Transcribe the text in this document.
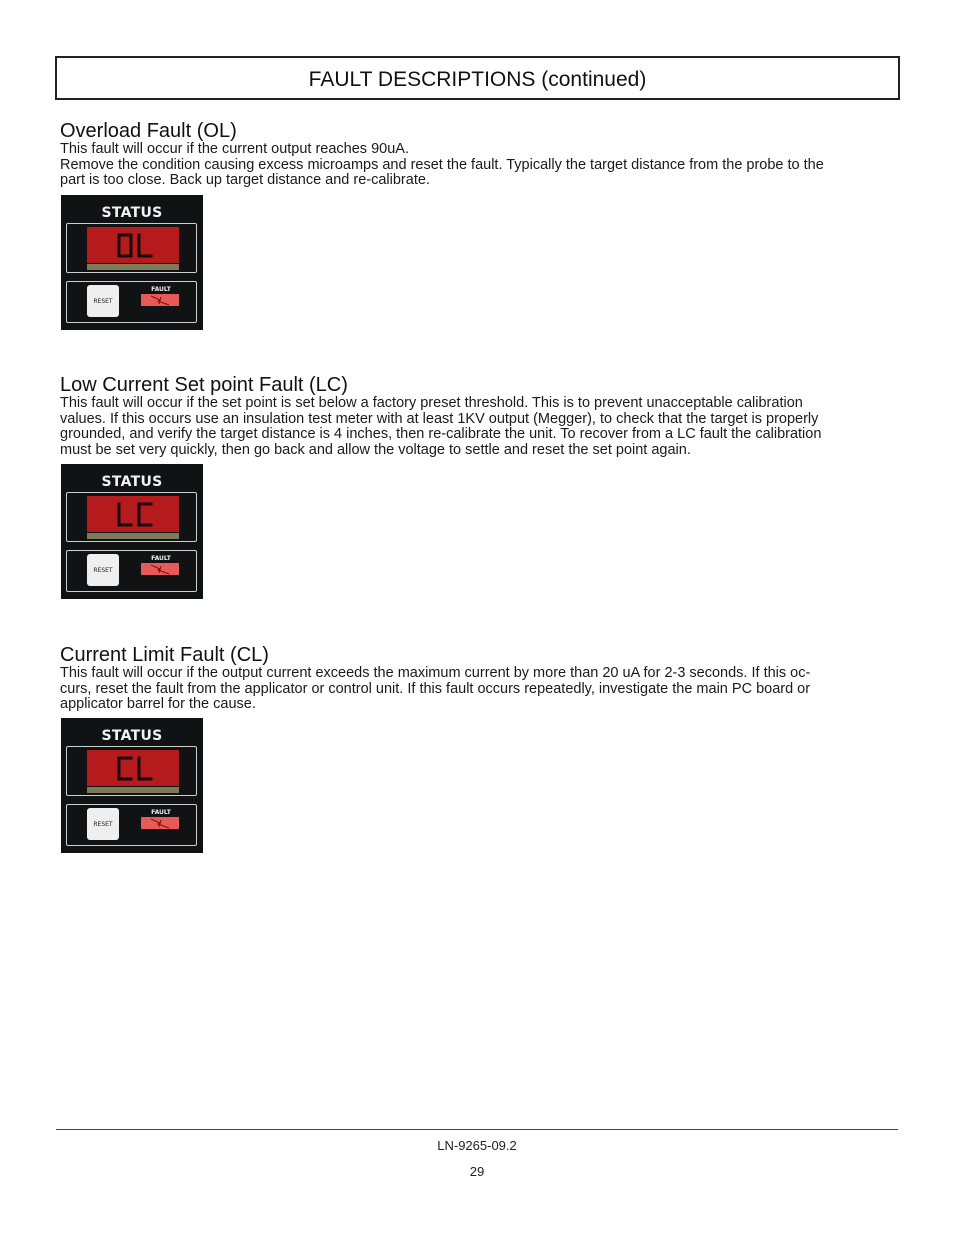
FAULT DESCRIPTIONS (continued)
Overload Fault (OL)

This fault will occur if the current output reaches 90uA.

Remove the condition causing excess microamps and reset the fault. Typically the target distance from the probe to the

part is too close. Back up target distance and re-calibrate.

STATUS
RESET
FAULT
Low Current Set point Fault (LC)

This fault will occur if the set point is set below a factory preset threshold. This is to prevent unacceptable calibration

values. If this occurs use an insulation test meter with at least 1KV output (Megger), to check that the target is properly

grounded, and verify the target distance is 4 inches, then re-calibrate the unit. To recover from a LC fault the calibration

must be set very quickly, then go back and allow the voltage to settle and reset the set point again.

STATUS
RESET
FAULT
Current Limit Fault (CL)

This fault will occur if the output current exceeds the maximum current by more than 20 uA for 2-3 seconds. If this oc-

curs, reset the fault from the applicator or control unit. If this fault occurs repeatedly, investigate the main PC board or

applicator barrel for the cause.

STATUS
RESET
FAULT
LN-9265-09.2
29
